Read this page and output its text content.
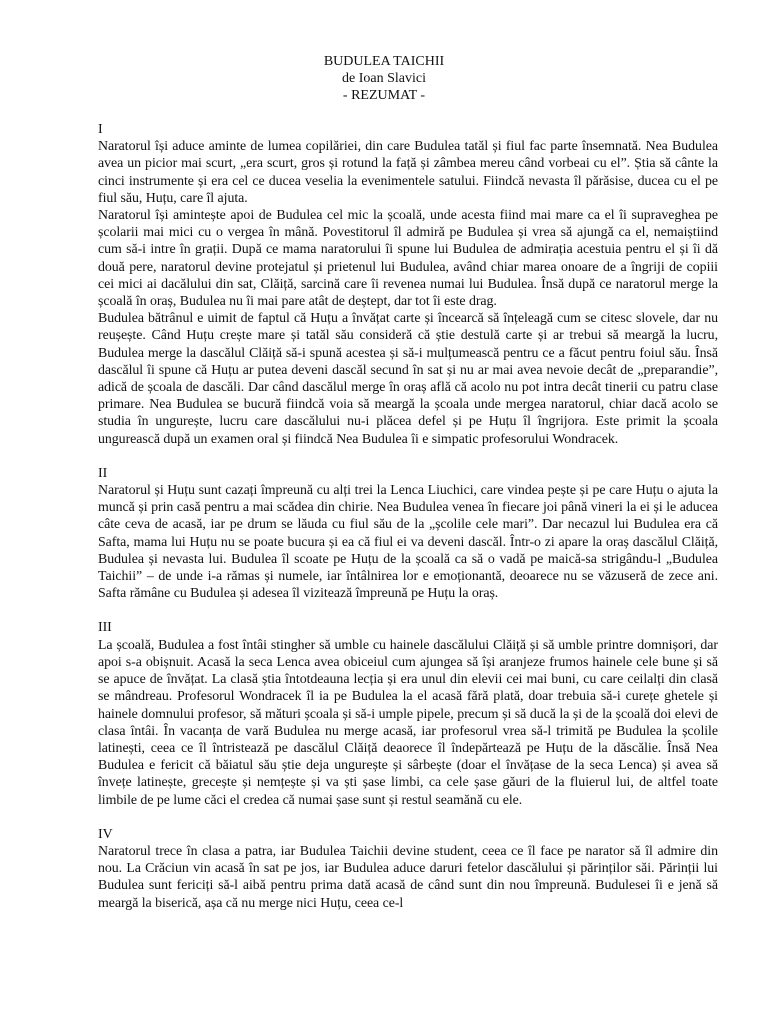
BUDULEA TAICHII
de Ioan Slavici
- REZUMAT -
I

Naratorul își aduce aminte de lumea copilăriei, din care Budulea tatăl și fiul fac parte însemnată. Nea Budulea avea un picior mai scurt, „era scurt, gros și rotund la față și zâmbea mereu când vorbeai cu el”. Știa să cânte la cinci instrumente și era cel ce ducea veselia la evenimentele satului. Fiindcă nevasta îl părăsise, ducea cu el pe fiul său, Huțu, care îl ajuta.

Naratorul își amintește apoi de Budulea cel mic la școală, unde acesta fiind mai mare ca el îi supraveghea pe școlarii mai mici cu o vergea în mână. Povestitorul îl admiră pe Budulea și vrea să ajungă ca el, nemaiștiind cum să-i intre în grații. După ce mama naratorului îi spune lui Budulea de admirația acestuia pentru el și îi dă două pere, naratorul devine protejatul și prietenul lui Budulea, având chiar marea onoare de a îngriji de copiii cei mici ai dacălului din sat, Clăiță, sarcină care îi revenea numai lui Budulea. Însă după ce naratorul merge la școală în oraș, Budulea nu îi mai pare atât de deștept, dar tot îi este drag.

Budulea bătrânul e uimit de faptul că Huțu a învățat carte și încearcă să înțeleagă cum se citesc slovele, dar nu reușește. Când Huțu crește mare și tatăl său consideră că știe destulă carte și ar trebui să meargă la lucru, Budulea merge la dascălul Clăiță să-i spună acestea și să-i mulțumească pentru ce a făcut pentru foiul său. Însă dascălul îi spune că Huțu ar putea deveni dascăl secund în sat și nu ar mai avea nevoie decât de „preparandie”, adică de școala de dascăli. Dar când dascălul merge în oraș află că acolo nu pot intra decât tinerii cu patru clase primare. Nea Budulea se bucură fiindcă voia să meargă la școala unde mergea naratorul, chiar dacă acolo se studia în ungurește, lucru care dascălului nu-i plăcea defel și pe Huțu îl îngrijora. Este primit la școala ungurească după un examen oral și fiindcă Nea Budulea îi e simpatic profesorului Wondracek.

II

Naratorul și Huțu sunt cazați împreună cu alți trei la Lenca Liuchici, care vindea pește și pe care Huțu o ajuta la muncă și prin casă pentru a mai scădea din chirie. Nea Budulea venea în fiecare joi până vineri la ei și le aducea câte ceva de acasă, iar pe drum se lăuda cu fiul său de la „școlile cele mari”. Dar necazul lui Budulea era că Safta, mama lui Huțu nu se poate bucura și ea că fiul ei va deveni dascăl. Într-o zi apare la oraș dascălul Clăiță, Budulea și nevasta lui. Budulea îl scoate pe Huțu de la școală ca să o vadă pe maică-sa strigându-l „Budulea Taichii” – de unde i-a rămas și numele, iar întâlnirea lor e emoționantă, deoarece nu se văzuseră de zece ani. Safta rămâne cu Budulea și adesea îl vizitează împreună pe Huțu la oraș.

III

La școală, Budulea a fost întâi stingher să umble cu hainele dascălului Clăiță și să umble printre domnișori, dar apoi s-a obișnuit. Acasă la seca Lenca avea obiceiul cum ajungea să își aranjeze frumos hainele cele bune și să se apuce de învățat. La clasă știa întotdeauna lecția și era unul din elevii cei mai buni, cu care ceilalți din clasă se mândreau. Profesorul Wondracek îl ia pe Budulea la el acasă fără plată, doar trebuia să-i curețe ghetele și hainele domnului profesor, să mături școala și să-i umple pipele, precum și să ducă la și de la școală doi elevi de clasa întâi. În vacanța de vară Budulea nu merge acasă, iar profesorul vrea să-l trimită pe Budulea la școlile latinești, ceea ce îl întristează pe dascălul Clăiță deaorece îl îndepărtează pe Huțu de la dăscălie. Însă Nea Budulea e fericit că băiatul său știe deja ungurește și sârbește (doar el învățase de la seca Lenca) și avea să învețe latinește, grecește și nemțește și va ști șase limbi, ca cele șase găuri de la fluierul lui, de altfel toate limbile de pe lume căci el credea că numai șase sunt și restul seamănă cu ele.

IV

Naratorul trece în clasa a patra, iar Budulea Taichii devine student, ceea ce îl face pe narator să îl admire din nou. La Crăciun vin acasă în sat pe jos, iar Budulea aduce daruri fetelor dascălului și părinților săi. Părinții lui Budulea sunt fericiți să-l aibă pentru prima dată acasă de când sunt din nou împreună. Budulesei îi e jenă să meargă la biserică, așa că nu merge nici Huțu, ceea ce-l
